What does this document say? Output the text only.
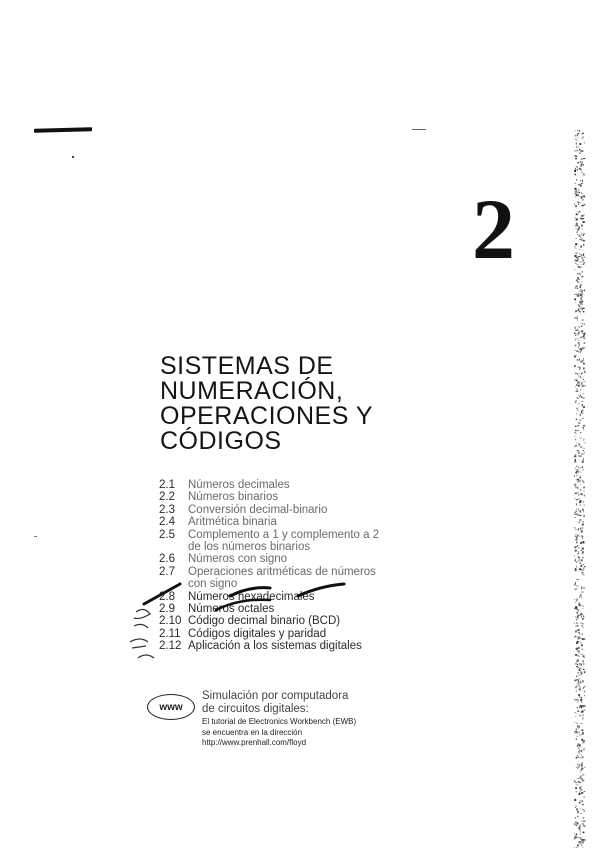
2
SISTEMAS DE
NUMERACIÓN,
OPERACIONES Y
CÓDIGOS
2.1	Números decimales
2.2	Números binarios
2.3	Conversión decimal-binario
2.4	Aritmética binaria
2.5	Complemento a 1 y complemento a 2
de los números binarios
2.6	Números con signo
2.7	Operaciones aritméticas de números
con signo
2.8	Números hexadecimales
2.9	Números octales
2.10 Código decimal binario (BCD)
2.11 Códigos digitales y paridad
2.12 Aplicación a los sistemas digitales
www
Simulación por computadora
de circuitos digitales:
El tutorial de Electronics Workbench (EWB)
se encuentra en la dirección
http://www.prenhall.com/floyd
